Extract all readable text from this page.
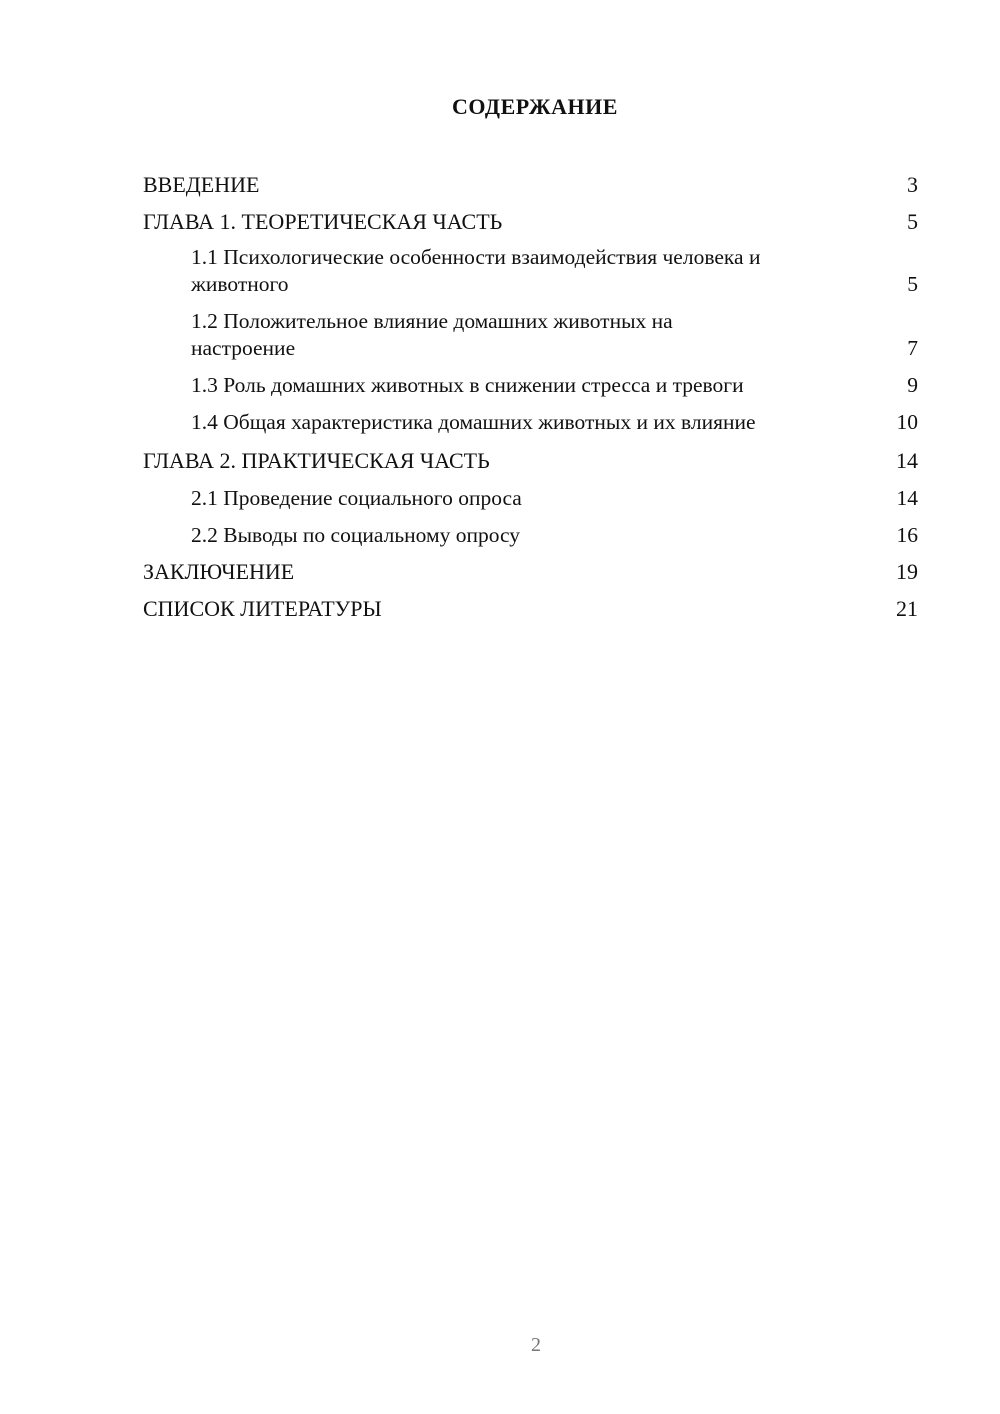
СОДЕРЖАНИЕ
ВВЕДЕНИЕ	3
ГЛАВА 1. ТЕОРЕТИЧЕСКАЯ ЧАСТЬ	5
1.1 Психологические особенности взаимодействия человека и животного	5
1.2 Положительное влияние домашних животных на настроение	7
1.3 Роль домашних животных в снижении стресса и тревоги	9
1.4 Общая характеристика домашних животных и их влияние	10
ГЛАВА 2. ПРАКТИЧЕСКАЯ ЧАСТЬ	14
2.1 Проведение социального опроса	14
2.2 Выводы по социальному опросу	16
ЗАКЛЮЧЕНИЕ	19
СПИСОК ЛИТЕРАТУРЫ	21
2
